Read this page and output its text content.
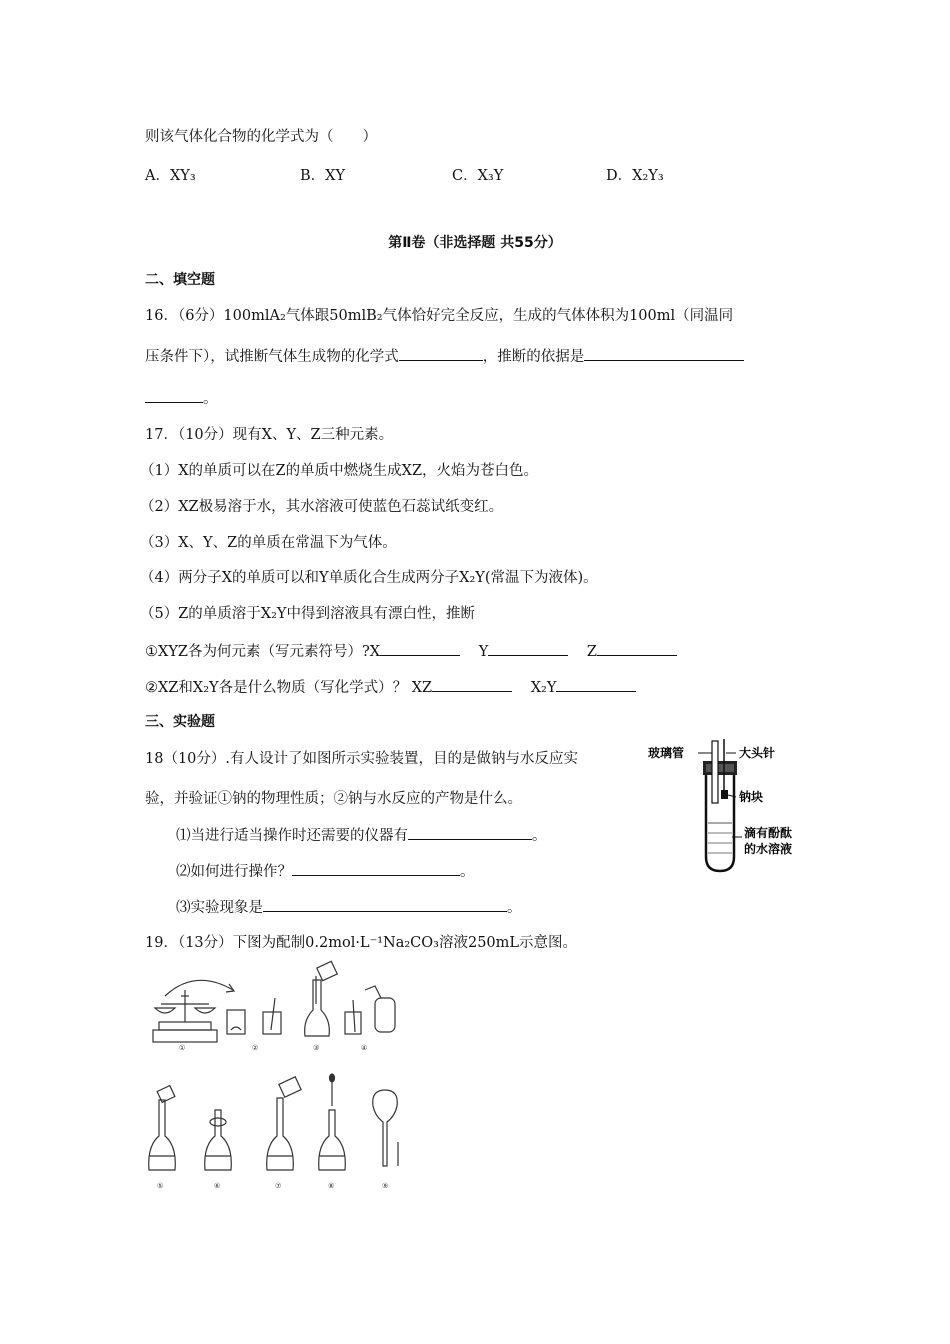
则该气体化合物的化学式为（　　）
A．XY₃	B．XY	C．X₃Y	D．X₂Y₃
第Ⅱ卷（非选择题 共55分）
二、填空题
16．（6分）100mlA₂气体跟50mlB₂气体恰好完全反应，生成的气体体积为100ml（同温同
压条件下），试推断气体生成物的化学式	，推断的依据是
。
17．（10分）现有X、Y、Z三种元素。
（1）X的单质可以在Z的单质中燃烧生成XZ，火焰为苍白色。
（2）XZ极易溶于水，其水溶液可使蓝色石蕊试纸变红。
（3）X、Y、Z的单质在常温下为气体。
（4）两分子X的单质可以和Y单质化合生成两分子X₂Y(常温下为液体)。
（5）Z的单质溶于X₂Y中得到溶液具有漂白性，推断
①XYZ各为何元素（写元素符号）?X	Y	Z
②XZ和X₂Y各是什么物质（写化学式）？ XZ	X₂Y
三、实验题
18（10分）.有人设计了如图所示实验装置，目的是做钠与水反应实
验，并验证①钠的物理性质；②钠与水反应的产物是什么。
⑴当进行适当操作时还需要的仪器有	。
⑵如何进行操作？	。
⑶实验现象是	。
玻璃管	大头针
钠块
滴有酚酞
的水溶液
19．（13分）下图为配制0.2mol·L⁻¹Na₂CO₃溶液250mL示意图。
①	②	③	④
⑤	⑥	⑦	⑧	⑨
